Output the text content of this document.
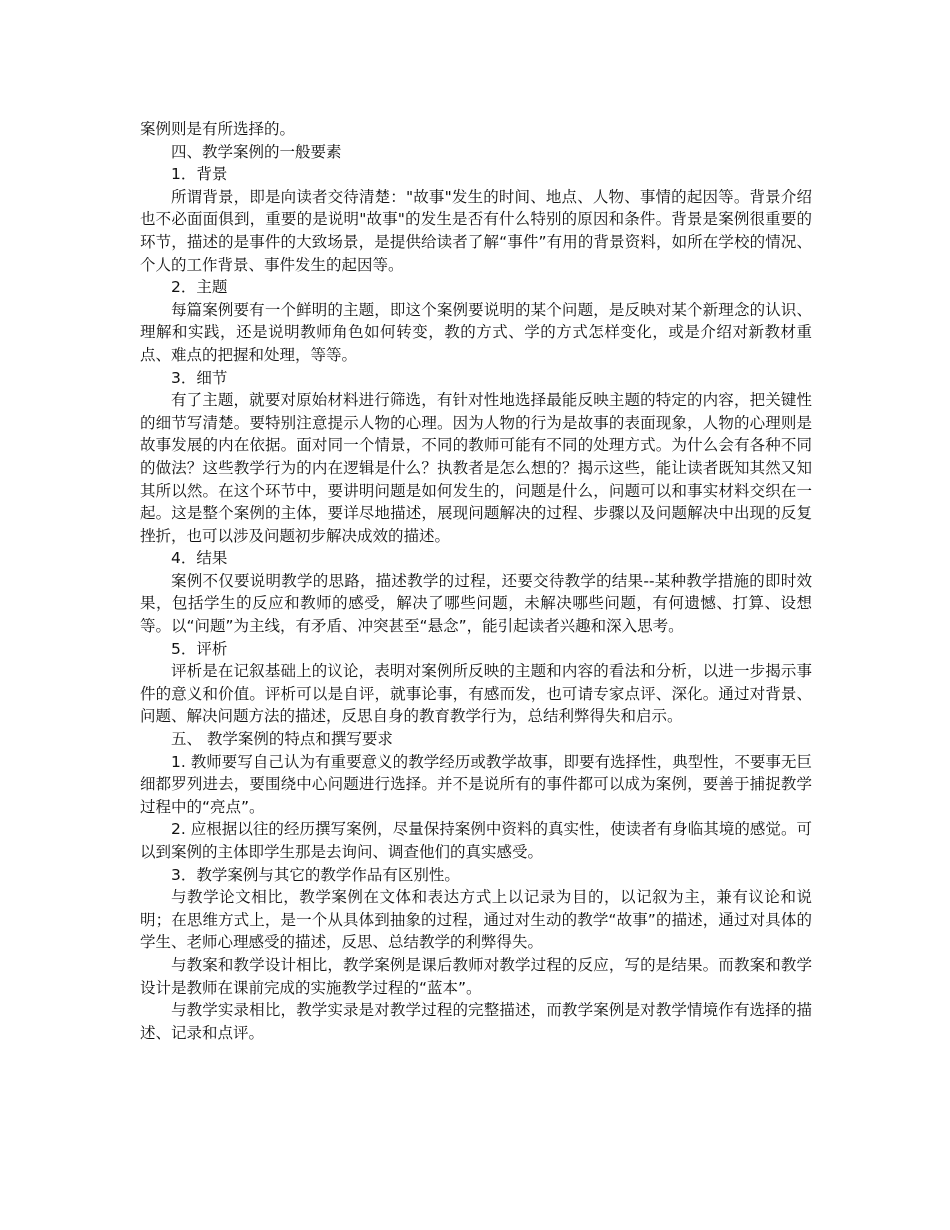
案例则是有所选择的。

四、教学案例的一般要素

1．背景

所谓背景，即是向读者交待清楚："故事"发生的时间、地点、人物、事情的起因等。背景介绍也不必面面俱到，重要的是说明"故事"的发生是否有什么特别的原因和条件。背景是案例很重要的环节，描述的是事件的大致场景，是提供给读者了解“事件”有用的背景资料，如所在学校的情况、个人的工作背景、事件发生的起因等。

2．主题

每篇案例要有一个鲜明的主题，即这个案例要说明的某个问题，是反映对某个新理念的认识、理解和实践，还是说明教师角色如何转变，教的方式、学的方式怎样变化，或是介绍对新教材重点、难点的把握和处理，等等。

3．细节

有了主题，就要对原始材料进行筛选，有针对性地选择最能反映主题的特定的内容，把关键性的细节写清楚。要特别注意提示人物的心理。因为人物的行为是故事的表面现象，人物的心理则是故事发展的内在依据。面对同一个情景，不同的教师可能有不同的处理方式。为什么会有各种不同的做法？这些教学行为的内在逻辑是什么？执教者是怎么想的？揭示这些，能让读者既知其然又知其所以然。在这个环节中，要讲明问题是如何发生的，问题是什么，问题可以和事实材料交织在一起。这是整个案例的主体，要详尽地描述，展现问题解决的过程、步骤以及问题解决中出现的反复挫折，也可以涉及问题初步解决成效的描述。

4．结果

案例不仅要说明教学的思路，描述教学的过程，还要交待教学的结果--某种教学措施的即时效果，包括学生的反应和教师的感受，解决了哪些问题，未解决哪些问题，有何遗憾、打算、设想等。以“问题”为主线，有矛盾、冲突甚至“悬念”，能引起读者兴趣和深入思考。

5．评析

评析是在记叙基础上的议论，表明对案例所反映的主题和内容的看法和分析，以进一步揭示事件的意义和价值。评析可以是自评，就事论事，有感而发，也可请专家点评、深化。通过对背景、问题、解决问题方法的描述，反思自身的教育教学行为，总结利弊得失和启示。

五、 教学案例的特点和撰写要求

1. 教师要写自己认为有重要意义的教学经历或教学故事，即要有选择性，典型性，不要事无巨细都罗列进去，要围绕中心问题进行选择。并不是说所有的事件都可以成为案例，要善于捕捉教学过程中的“亮点”。

2. 应根据以往的经历撰写案例，尽量保持案例中资料的真实性，使读者有身临其境的感觉。可以到案例的主体即学生那是去询问、调查他们的真实感受。

3．教学案例与其它的教学作品有区别性。

与教学论文相比，教学案例在文体和表达方式上以记录为目的，以记叙为主，兼有议论和说明；在思维方式上，是一个从具体到抽象的过程，通过对生动的教学“故事”的描述，通过对具体的学生、老师心理感受的描述，反思、总结教学的利弊得失。

与教案和教学设计相比，教学案例是课后教师对教学过程的反应，写的是结果。而教案和教学设计是教师在课前完成的实施教学过程的“蓝本”。

与教学实录相比，教学实录是对教学过程的完整描述，而教学案例是对教学情境作有选择的描述、记录和点评。
